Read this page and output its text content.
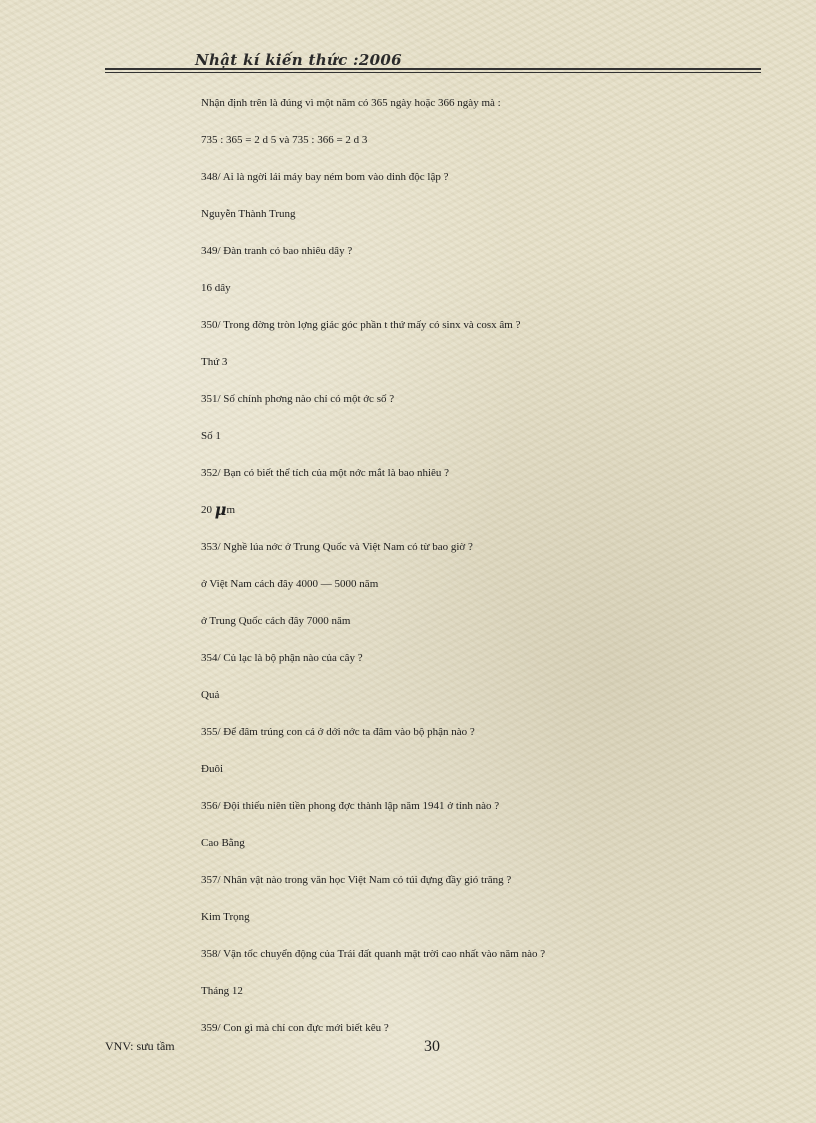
Nhật kí kiến thức :2006
Nhận định trên là đúng vì một năm có 365 ngày hoặc 366 ngày mà :
735 : 365 = 2 d 5 và 735 : 366 = 2 d 3
348/ Ai là ngời lái máy bay ném bom vào dinh độc lập ?
Nguyễn Thành Trung
349/ Đàn tranh có bao nhiêu dây ?
16 dây
350/ Trong đờng tròn lợng giác góc phần t thứ mấy có sinx và cosx âm ?
Thứ 3
351/ Số chính phơng nào chỉ có một ớc số ?
Số 1
352/ Bạn có biết thể tích của một nớc mắt là bao nhiêu ?
20 μm
353/ Nghề lúa nớc ở Trung Quốc và Việt Nam có từ bao giờ ?
ở Việt Nam cách đây 4000 — 5000 năm
ở Trung Quốc cách đây 7000 năm
354/ Củ lạc là bộ phận nào của cây ?
Quả
355/ Để đâm trúng con cá ở dới nớc ta đâm vào bộ phận nào ?
Đuôi
356/ Đội thiếu niên tiền phong đợc thành lập năm 1941 ở tỉnh nào ?
Cao Bằng
357/ Nhân vật nào trong văn học Việt Nam có túi đựng đầy gió trăng ?
Kim Trọng
358/ Vận tốc chuyển động của Trái đất quanh mặt trời cao nhất vào năm nào ?
Tháng 12
359/ Con gì mà chỉ con đực mới biết kêu ?
VNV: sưu tầm	30
